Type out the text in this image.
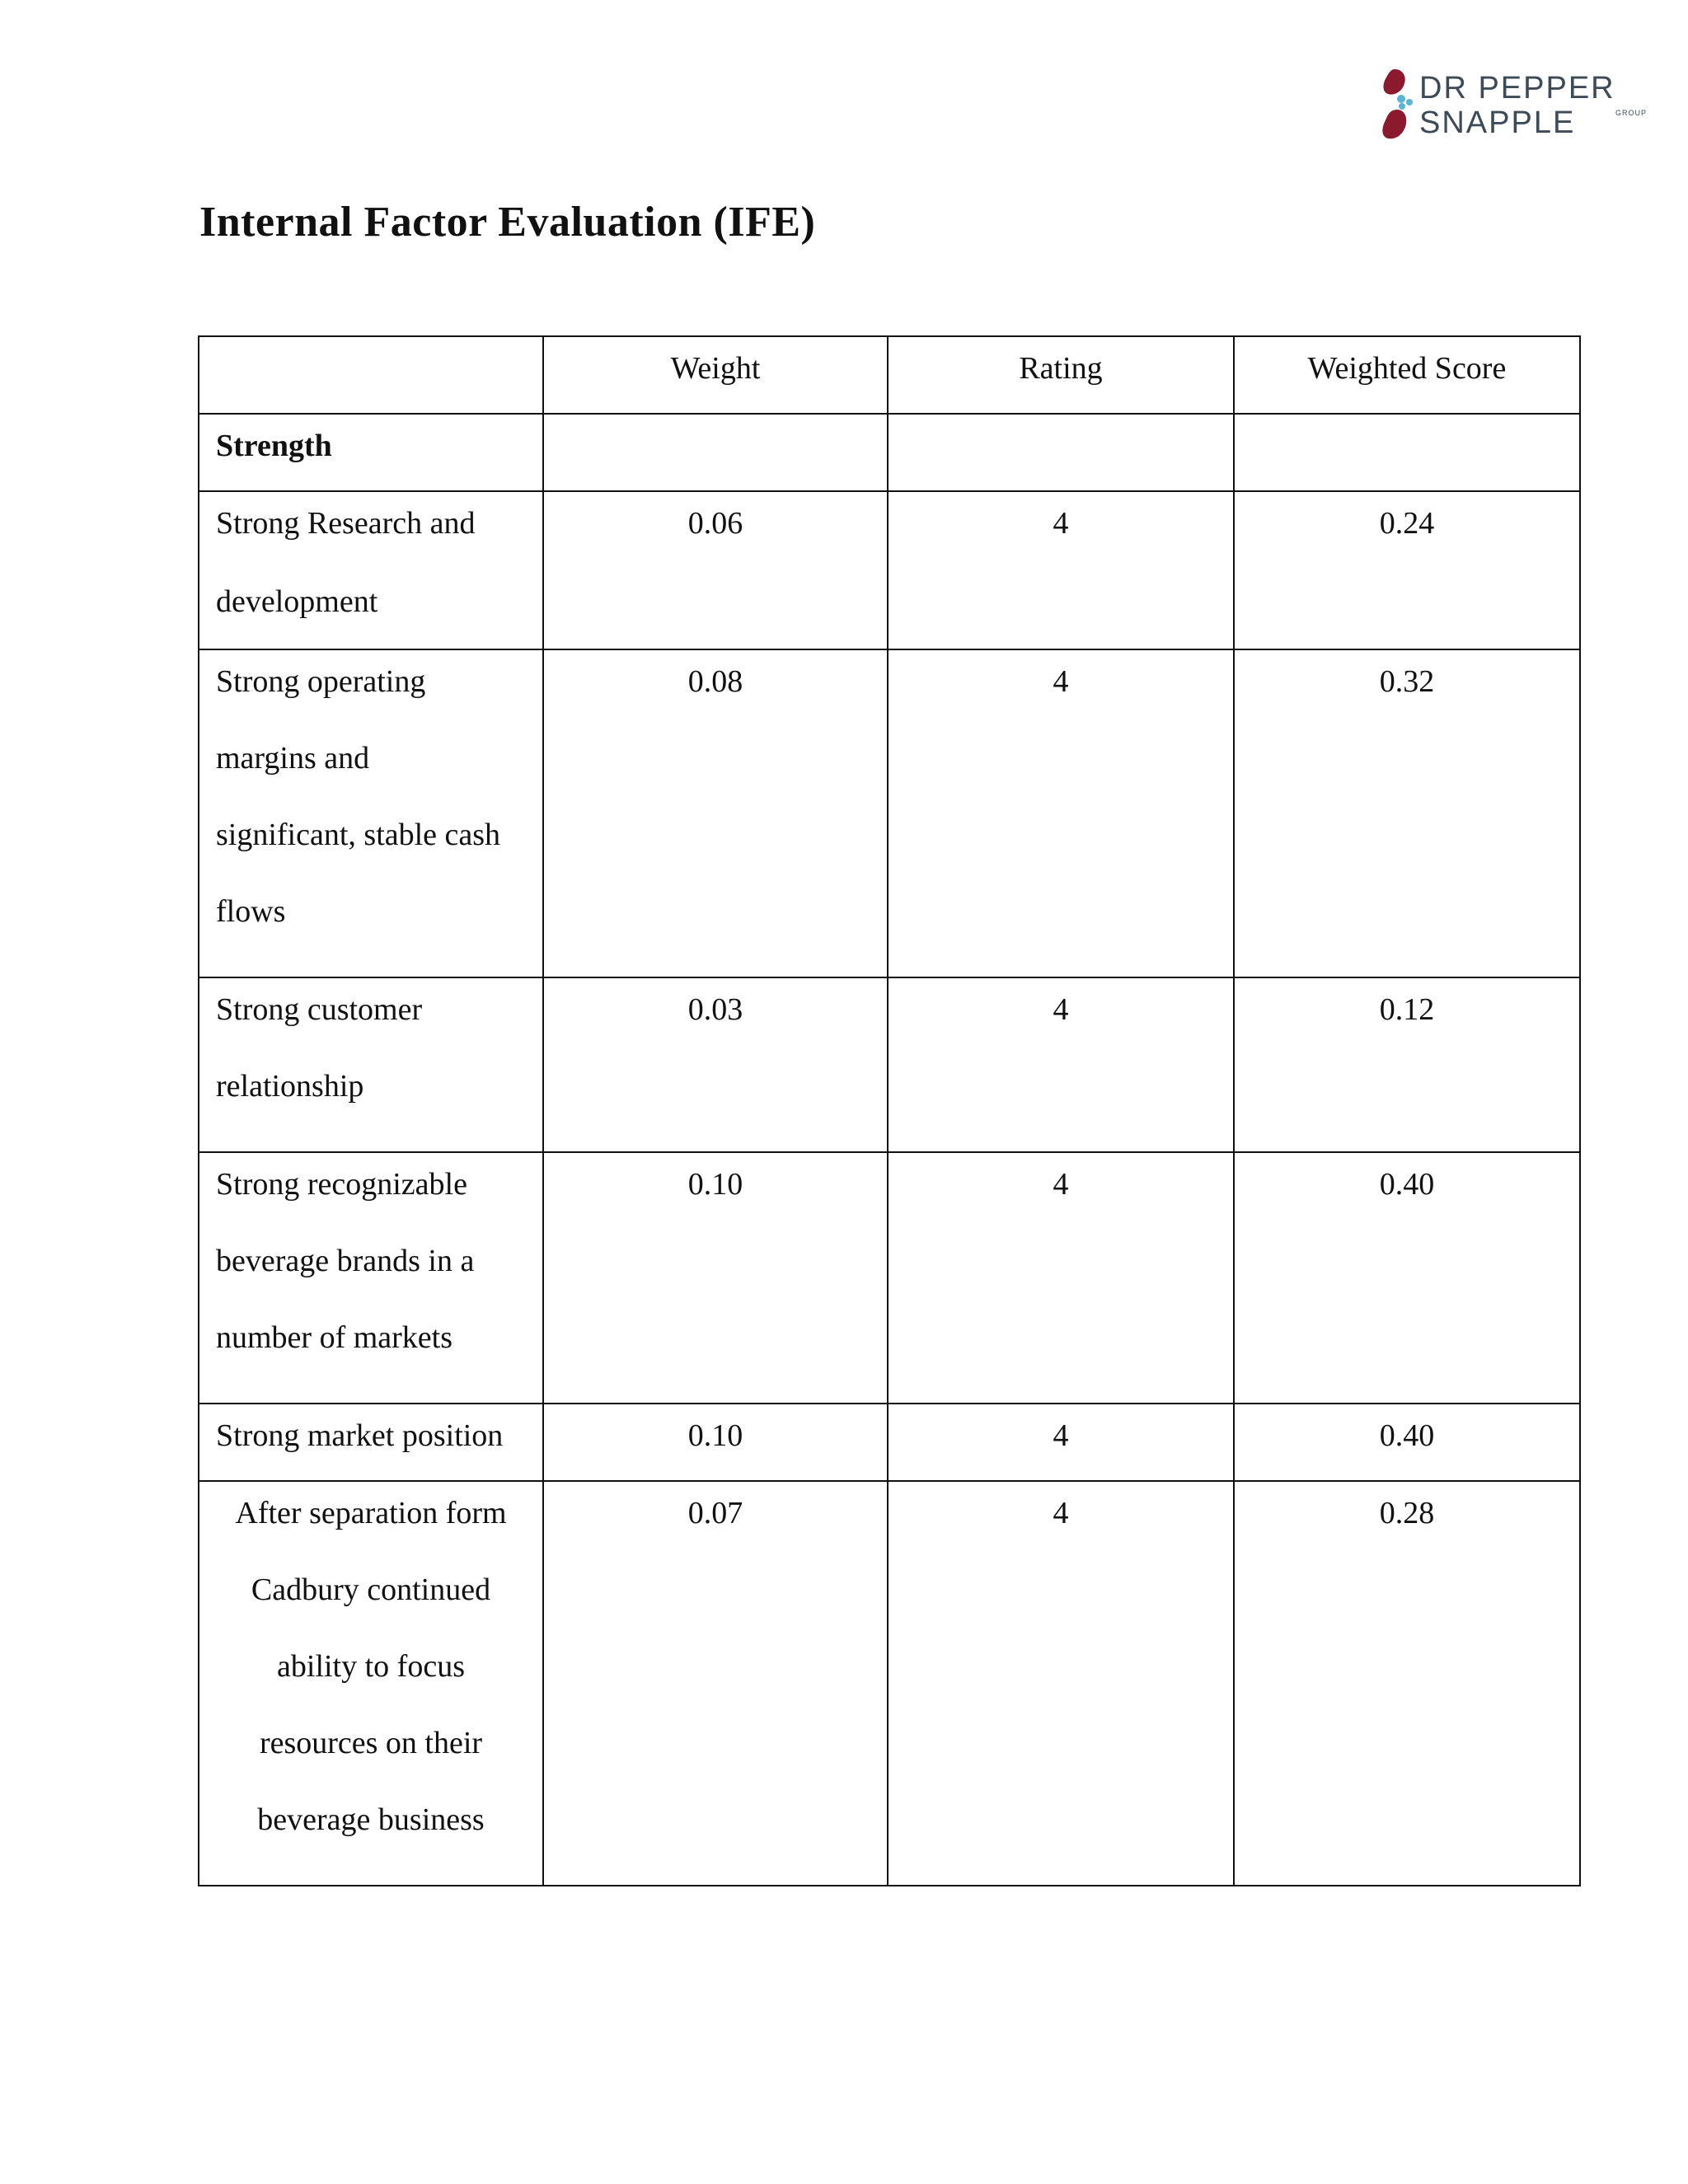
DR PEPPER
SNAPPLE	GROUP
Internal Factor Evaluation (IFE)
	Weight	Rating	Weighted Score
Strength			

Strong Research and
development	0.06	4	0.24

Strong operating
margins and
significant, stable cash
flows	0.08	4	0.32

Strong customer
relationship	0.03	4	0.12

Strong recognizable
beverage brands in a
number of markets	0.10	4	0.40

Strong market position	0.10	4	0.40

After separation form
Cadbury continued
ability to focus
resources on their
beverage business	0.07	4	0.28
